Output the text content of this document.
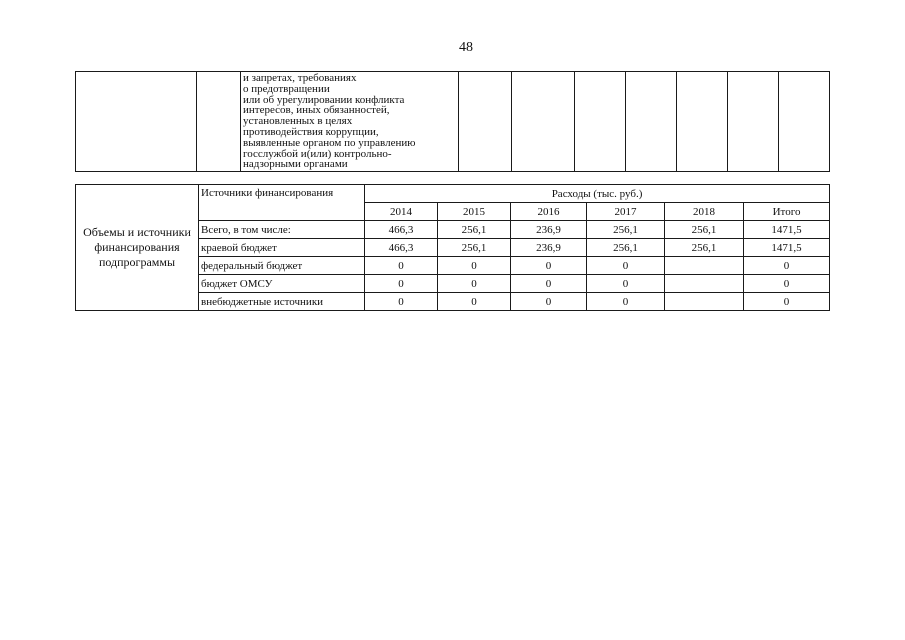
48

и запретах, требованиях
о предотвращении
или об урегулировании конфликта
интересов, иных обязанностей,
установленных в целях
противодействия коррупции,
выявленные органом по управлению
госслужбой и(или) контрольно-
надзорными органами

Объемы и источники финансирования подпрограммы	Источники финансирования	Расходы (тыс. руб.)					
		2014	2015	2016	2017	2018	Итого
	Всего, в том числе:	466,3	256,1	236,9	256,1	256,1	1471,5
	краевой бюджет	466,3	256,1	236,9	256,1	256,1	1471,5
	федеральный бюджет	0	0	0	0		0
	бюджет ОМСУ	0	0	0	0		0
	внебюджетные источники	0	0	0	0		0
